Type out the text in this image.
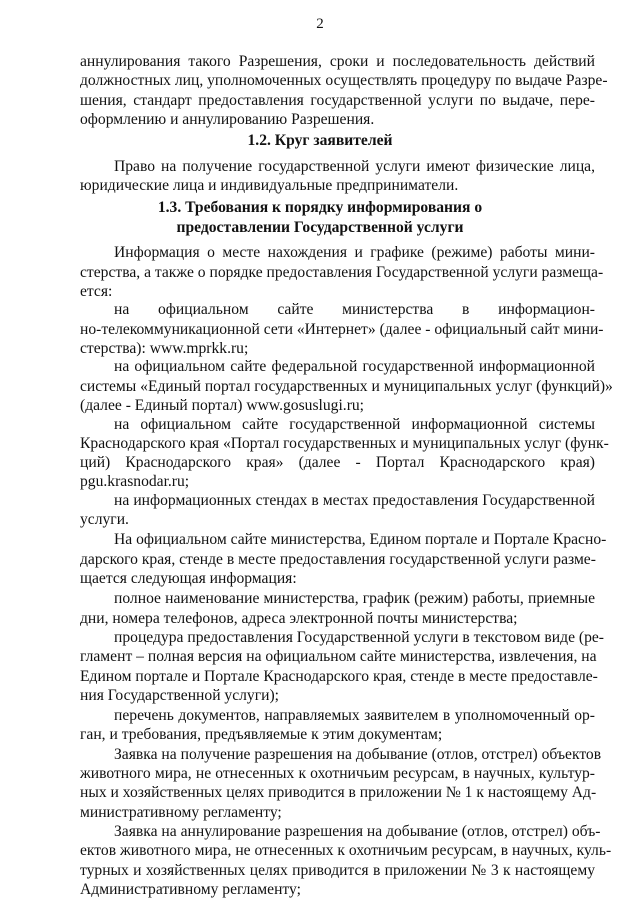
2
аннулирования такого Разрешения, сроки и последовательность действий
должностных лиц, уполномоченных осуществлять процедуру по выдаче Разре-
шения, стандарт предоставления государственной услуги по выдаче, пере-
оформлению и аннулированию Разрешения.
1.2. Круг заявителей
Право на получение государственной услуги имеют физические лица,
юридические лица и индивидуальные предприниматели.
1.3. Требования к порядку информирования о
предоставлении Государственной услуги
Информация о месте нахождения и графике (режиме) работы мини-
стерства, а также о порядке предоставления Государственной услуги размеща-
ется:
на официальном сайте министерства в информацион-
но-телекоммуникационной сети «Интернет» (далее - официальный сайт мини-
стерства): www.mprkk.ru;
на официальном сайте федеральной государственной информационной
системы «Единый портал государственных и муниципальных услуг (функций)»
(далее - Единый портал) www.gosuslugi.ru;
на официальном сайте государственной информационной системы
Краснодарского края «Портал государственных и муниципальных услуг (функ-
ций) Краснодарского края» (далее - Портал Краснодарского края)
pgu.krasnodar.ru;
на информационных стендах в местах предоставления Государственной
услуги.
На официальном сайте министерства, Едином портале и Портале Красно-
дарского края, стенде в месте предоставления государственной услуги разме-
щается следующая информация:
полное наименование министерства, график (режим) работы, приемные
дни, номера телефонов, адреса электронной почты министерства;
процедура предоставления Государственной услуги в текстовом виде (ре-
гламент – полная версия на официальном сайте министерства, извлечения, на
Едином портале и Портале Краснодарского края, стенде в месте предоставле-
ния Государственной услуги);
перечень документов, направляемых заявителем в уполномоченный ор-
ган, и требования, предъявляемые к этим документам;
Заявка на получение разрешения на добывание (отлов, отстрел) объектов
животного мира, не отнесенных к охотничьим ресурсам, в научных, культур-
ных и хозяйственных целях приводится в приложении № 1 к настоящему Ад-
министративному регламенту;
Заявка на аннулирование разрешения на добывание (отлов, отстрел) объ-
ектов животного мира, не отнесенных к охотничьим ресурсам, в научных, куль-
турных и хозяйственных целях приводится в приложении № 3 к настоящему
Административному регламенту;
